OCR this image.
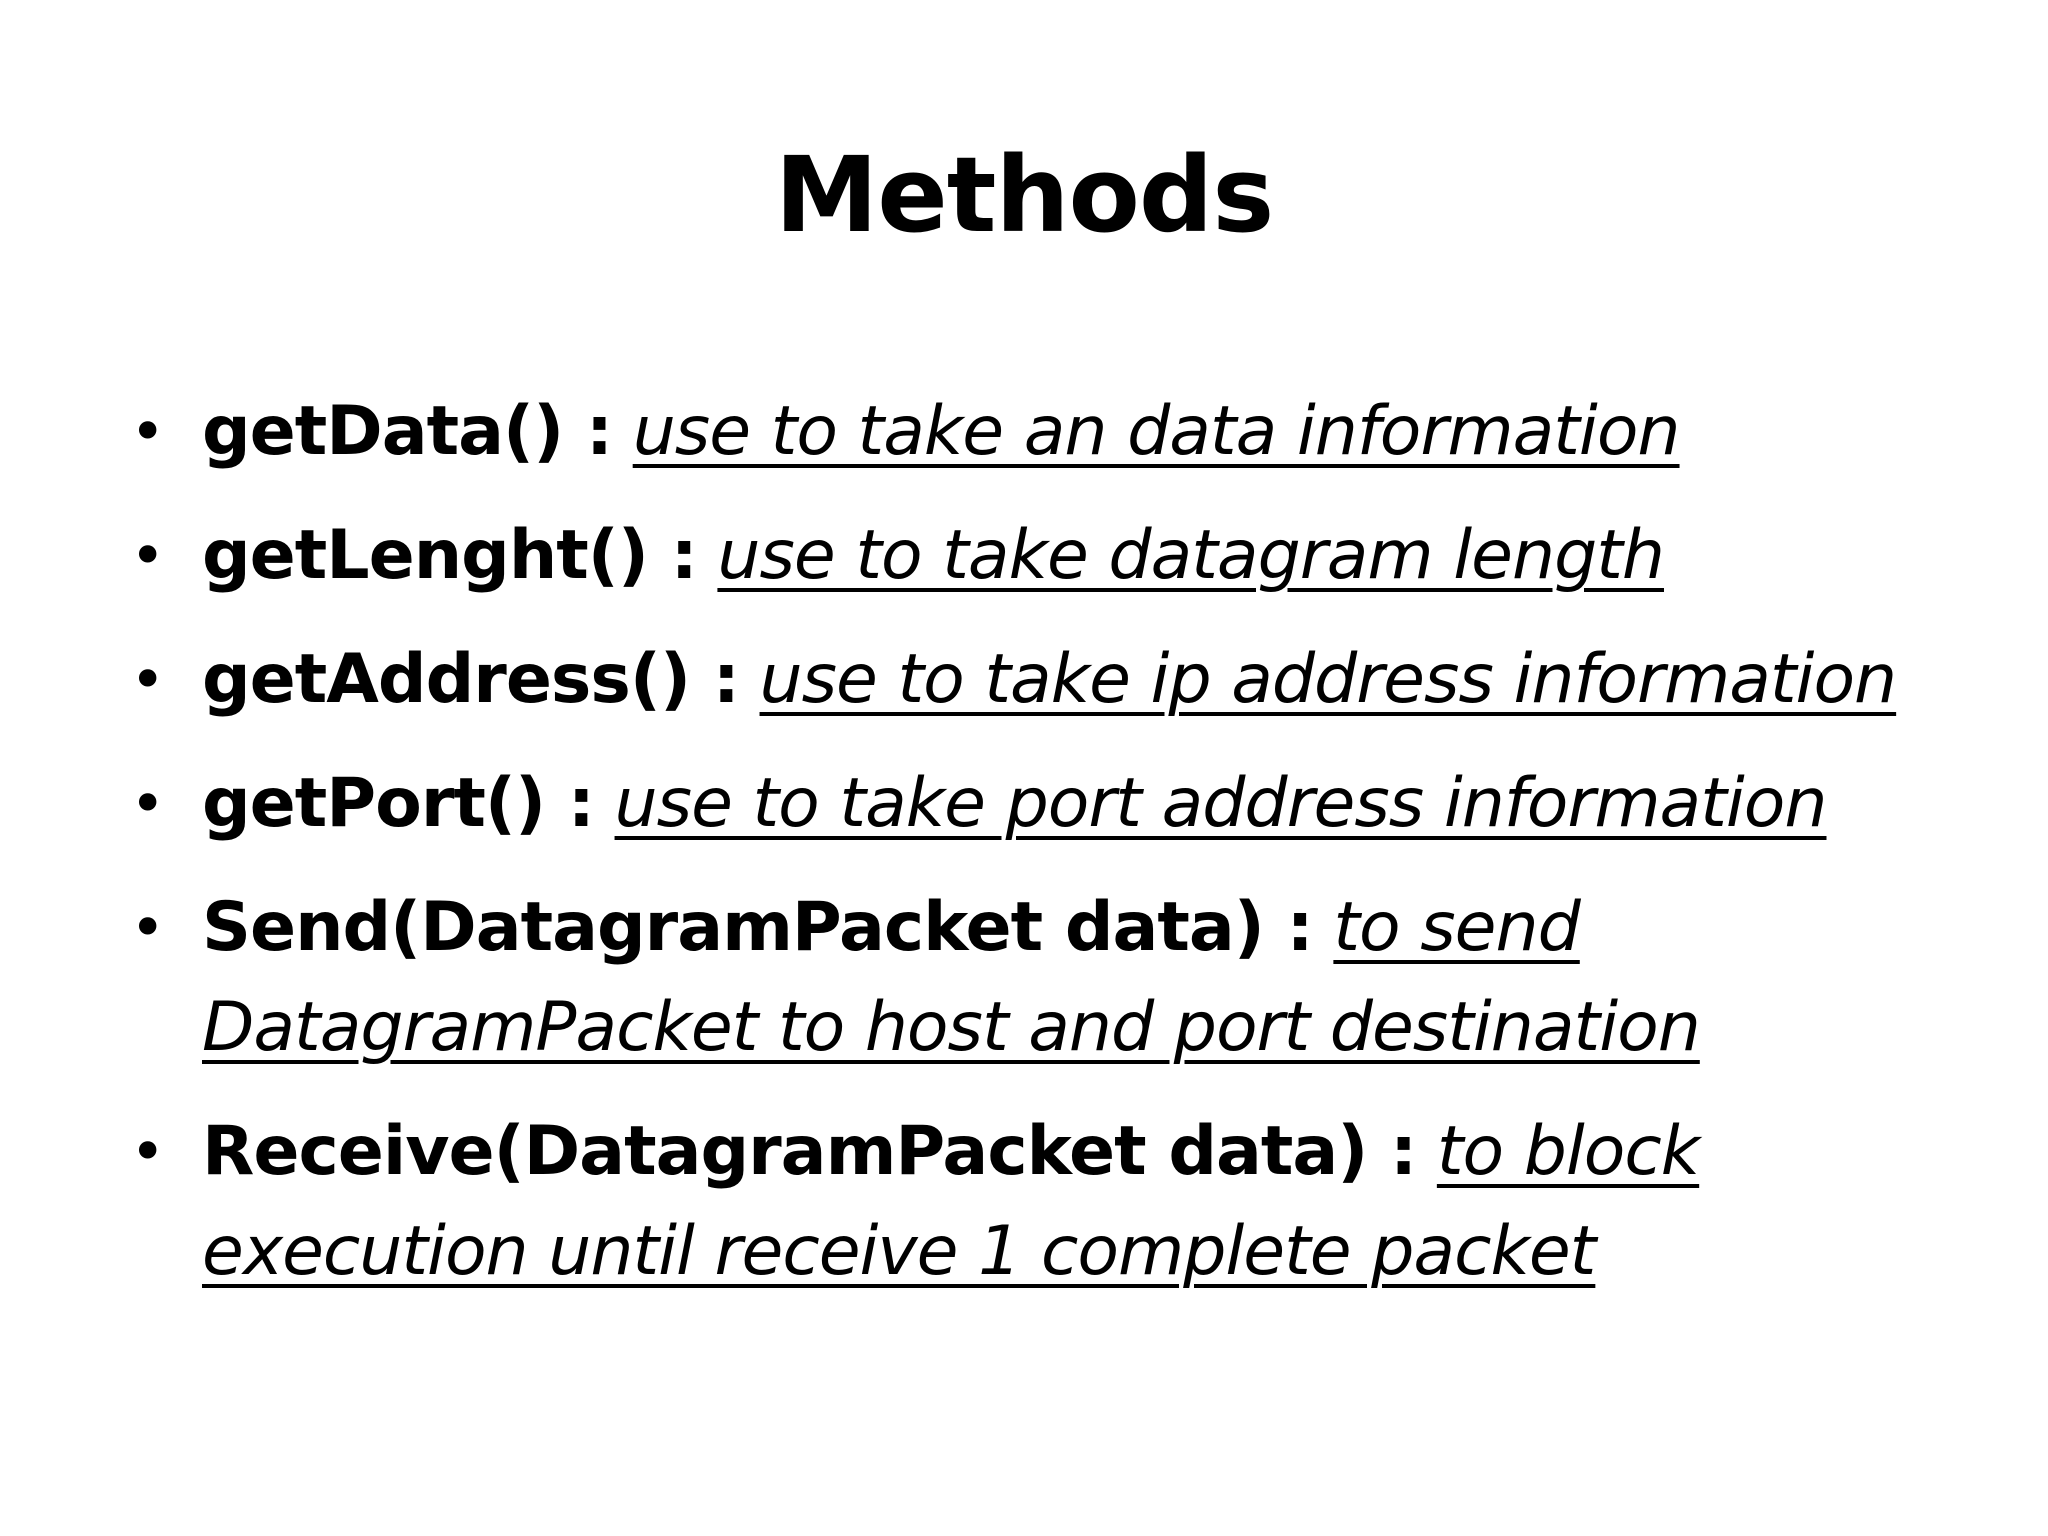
Methods
• getData() : use to take an data information
• getLenght() : use to take datagram length
• getAddress() : use to take ip address information
• getPort() : use to take port address information
• Send(DatagramPacket data) : to send DatagramPacket to host and port destination
• Receive(DatagramPacket data) : to block execution until receive 1 complete packet
